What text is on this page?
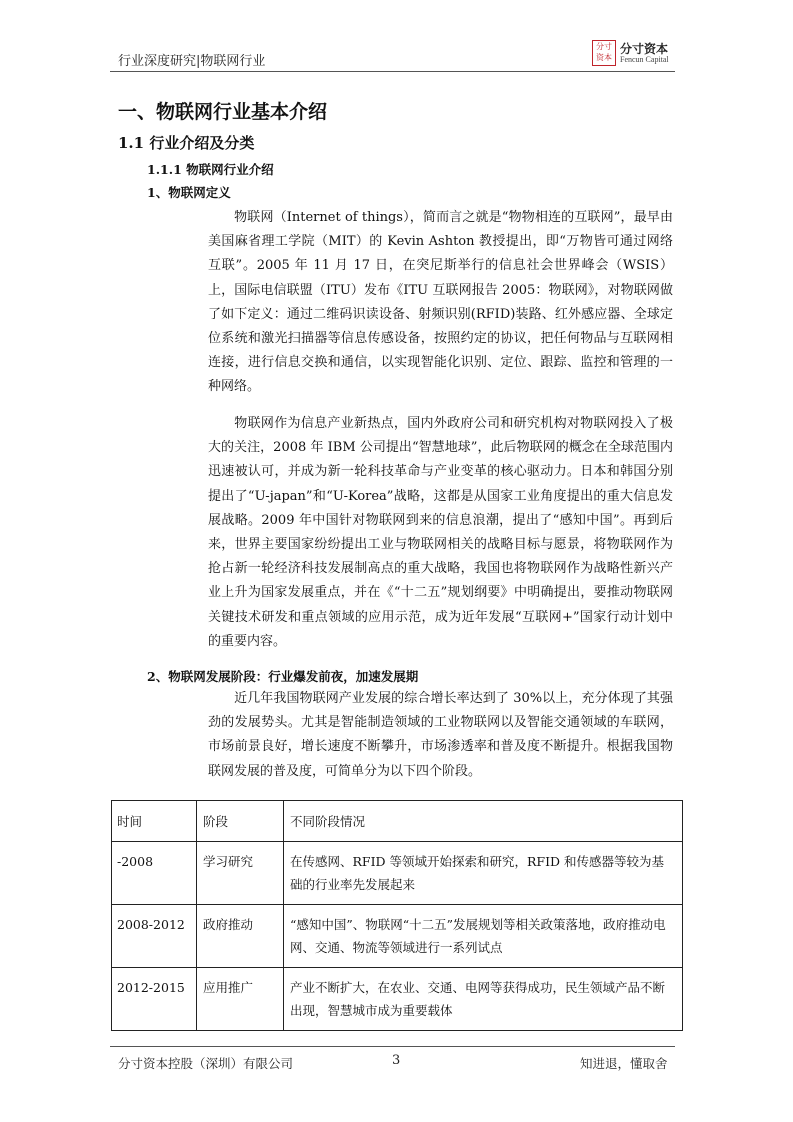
行业深度研究|物联网行业
分寸
资本
分寸资本
Fencun Capital
一、物联网行业基本介绍
1.1 行业介绍及分类
1.1.1 物联网行业介绍
1、物联网定义

物联网（Internet of things），简而言之就是“物物相连的互联网”，最早由美国麻省理工学院（MIT）的 Kevin Ashton 教授提出，即“万物皆可通过网络互联”。2005 年 11 月 17 日，在突尼斯举行的信息社会世界峰会（WSIS）上，国际电信联盟（ITU）发布《ITU 互联网报告 2005：物联网》，对物联网做了如下定义：通过二维码识读设备、射频识别(RFID)装路、红外感应器、全球定位系统和激光扫描器等信息传感设备，按照约定的协议，把任何物品与互联网相连接，进行信息交换和通信，以实现智能化识别、定位、跟踪、监控和管理的一种网络。

物联网作为信息产业新热点，国内外政府公司和研究机构对物联网投入了极大的关注，2008 年 IBM 公司提出“智慧地球”，此后物联网的概念在全球范围内迅速被认可，并成为新一轮科技革命与产业变革的核心驱动力。日本和韩国分别提出了“U-japan”和“U-Korea”战略，这都是从国家工业角度提出的重大信息发展战略。2009 年中国针对物联网到来的信息浪潮，提出了“感知中国”。再到后来，世界主要国家纷纷提出工业与物联网相关的战略目标与愿景，将物联网作为抢占新一轮经济科技发展制高点的重大战略，我国也将物联网作为战略性新兴产业上升为国家发展重点，并在《“十二五”规划纲要》中明确提出，要推动物联网关键技术研发和重点领域的应用示范，成为近年发展“互联网+”国家行动计划中的重要内容。

2、物联网发展阶段：行业爆发前夜，加速发展期

近几年我国物联网产业发展的综合增长率达到了 30%以上，充分体现了其强劲的发展势头。尤其是智能制造领域的工业物联网以及智能交通领域的车联网，市场前景良好，增长速度不断攀升，市场渗透率和普及度不断提升。根据我国物联网发展的普及度，可简单分为以下四个阶段。

时间	阶段	不同阶段情况
-2008	学习研究	在传感网、RFID 等领域开始探索和研究，RFID 和传感器等较为基础的行业率先发展起来
2008-2012	政府推动	“感知中国”、物联网“十二五”发展规划等相关政策落地，政府推动电网、交通、物流等领域进行一系列试点
2012-2015	应用推广	产业不断扩大，在农业、交通、电网等获得成功，民生领域产品不断出现，智慧城市成为重要载体
分寸资本控股（深圳）有限公司	3	知进退，懂取舍
